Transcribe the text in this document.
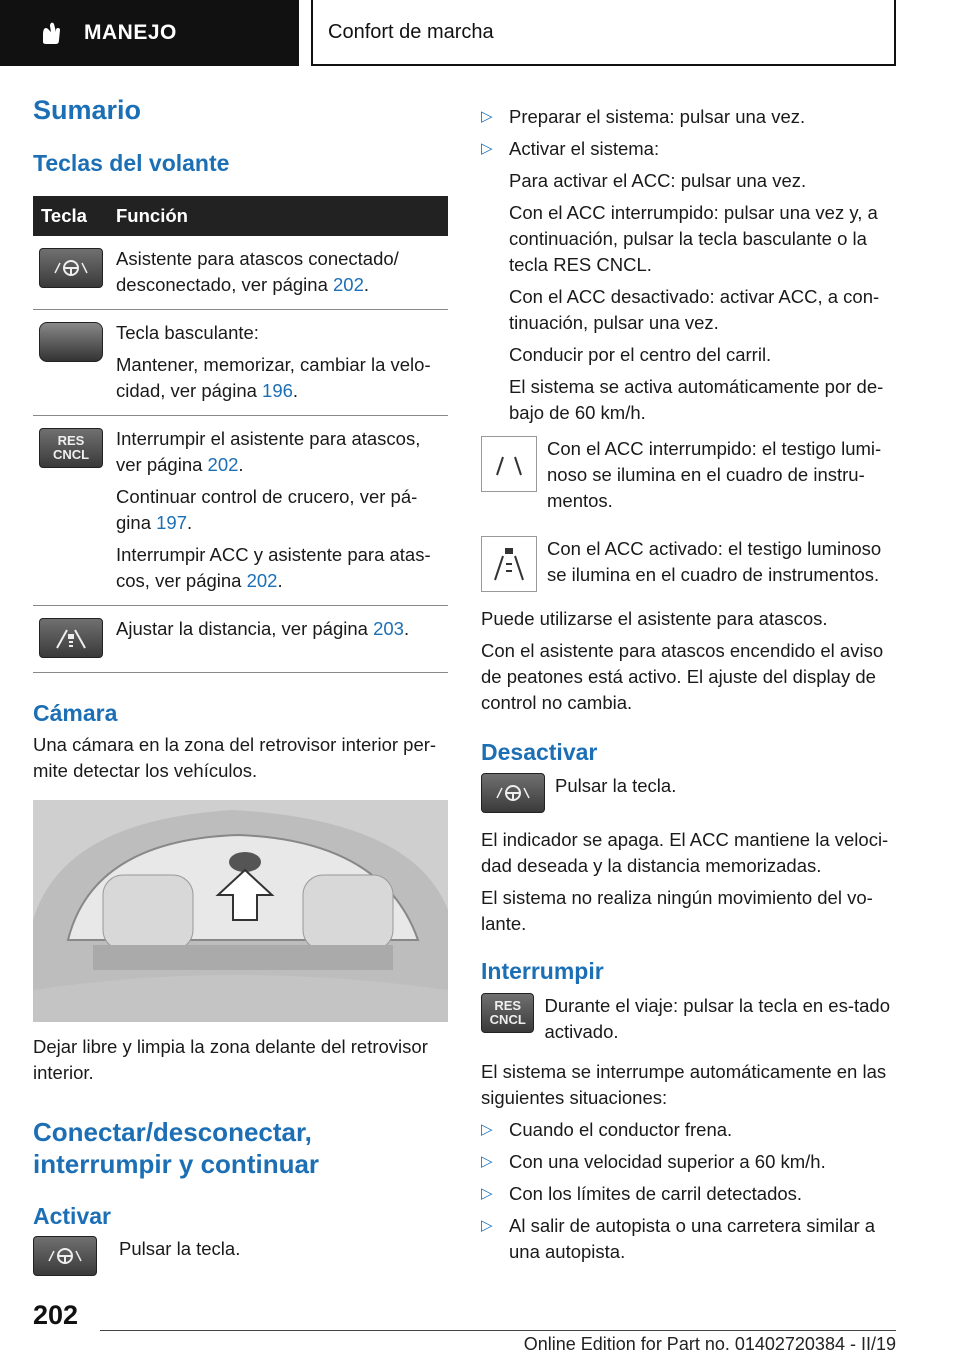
MANEJO	Confort de marcha
Sumario
Teclas del volante
Tecla	Función

Asistente para atascos conectado/ desconectado, ver página 202.

Tecla basculante:

Mantener, memorizar, cambiar la velo-cidad, ver página 196.

RES
CNCL

Interrumpir el asistente para atascos, ver página 202.

Continuar control de crucero, ver pá-gina 197.

Interrumpir ACC y asistente para atas-cos, ver página 202.

Ajustar la distancia, ver página 203.

Cámara

Una cámara en la zona del retrovisor interior per-mite detectar los vehículos.

Dejar libre y limpia la zona delante del retrovisor interior.

Conectar/desconectar, interrumpir y continuar
Activar

Pulsar la tecla.

▷ Preparar el sistema: pulsar una vez.
▷ Activar el sistema:
Para activar el ACC: pulsar una vez.
Con el ACC interrumpido: pulsar una vez y, a continuación, pulsar la tecla basculante o la tecla RES CNCL.
Con el ACC desactivado: activar ACC, a con-tinuación, pulsar una vez.
Conducir por el centro del carril.
El sistema se activa automáticamente por de-bajo de 60 km/h.

Con el ACC interrumpido: el testigo lumi-noso se ilumina en el cuadro de instru-mentos.

Con el ACC activado: el testigo luminoso se ilumina en el cuadro de instrumentos.

Puede utilizarse el asistente para atascos.

Con el asistente para atascos encendido el aviso de peatones está activo. El ajuste del display de control no cambia.

Desactivar

Pulsar la tecla.

El indicador se apaga. El ACC mantiene la veloci-dad deseada y la distancia memorizadas.

El sistema no realiza ningún movimiento del vo-lante.

Interrumpir
RES
CNCL

Durante el viaje: pulsar la tecla en es-tado activado.

El sistema se interrumpe automáticamente en las siguientes situaciones:

▷ Cuando el conductor frena.
▷ Con una velocidad superior a 60 km/h.
▷ Con los límites de carril detectados.
▷ Al salir de autopista o una carretera similar a una autopista.
202
Online Edition for Part no. 01402720384 - II/19
